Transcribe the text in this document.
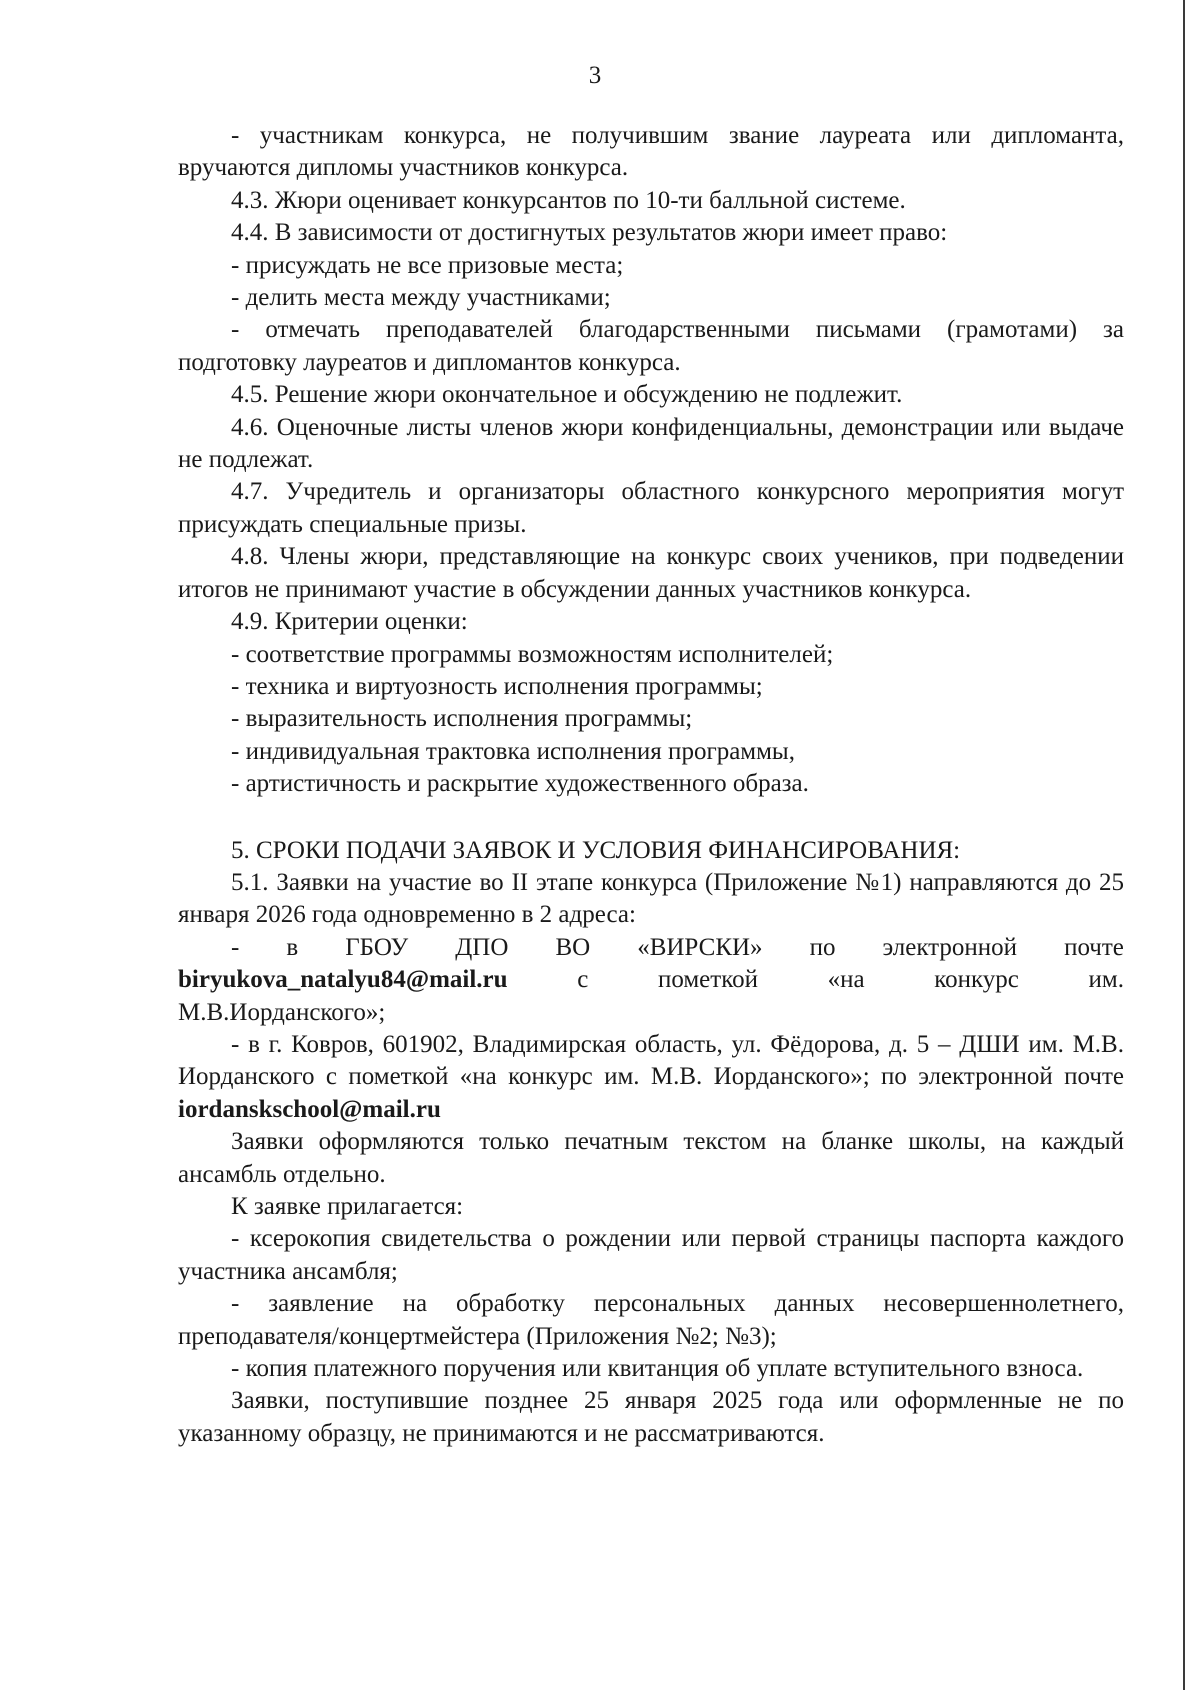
3

- участникам конкурса, не получившим звание лауреата или дипломанта, вручаются дипломы участников конкурса.

4.3. Жюри оценивает конкурсантов по 10-ти балльной системе.

4.4. В зависимости от достигнутых результатов жюри имеет право:

- присуждать не все призовые места;

- делить места между участниками;

- отмечать преподавателей благодарственными письмами (грамотами) за подготовку лауреатов и дипломантов конкурса.

4.5. Решение жюри окончательное и обсуждению не подлежит.

4.6. Оценочные листы членов жюри конфиденциальны, демонстрации или выдаче не подлежат.

4.7. Учредитель и организаторы областного конкурсного мероприятия могут присуждать специальные призы.

4.8. Члены жюри, представляющие на конкурс своих учеников, при подведении итогов не принимают участие в обсуждении данных участников конкурса.

4.9. Критерии оценки:

- соответствие программы возможностям исполнителей;

- техника и виртуозность исполнения программы;

- выразительность исполнения программы;

- индивидуальная трактовка исполнения программы,

- артистичность и раскрытие художественного образа.

5. СРОКИ ПОДАЧИ ЗАЯВОК И УСЛОВИЯ ФИНАНСИРОВАНИЯ:

5.1. Заявки на участие во II этапе конкурса (Приложение №1) направляются до 25 января 2026 года одновременно в 2 адреса:

- в ГБОУ ДПО ВО «ВИРСКИ» по электронной почте
biryukova_natalyu84@mail.ru	с	пометкой	«на	конкурс	им.

М.В.Иорданского»;

- в г. Ковров, 601902, Владимирская область, ул. Фёдорова, д. 5 – ДШИ им. М.В. Иорданского с пометкой «на конкурс им. М.В. Иорданского»; по электронной почте iordanskschool@mail.ru

Заявки оформляются только печатным текстом на бланке школы, на каждый ансамбль отдельно.

К заявке прилагается:

- ксерокопия свидетельства о рождении или первой страницы паспорта каждого участника ансамбля;

- заявление на обработку персональных данных несовершеннолетнего, преподавателя/концертмейстера (Приложения №2; №3);

- копия платежного поручения или квитанция об уплате вступительного взноса.

Заявки, поступившие позднее 25 января 2025 года или оформленные не по указанному образцу, не принимаются и не рассматриваются.
